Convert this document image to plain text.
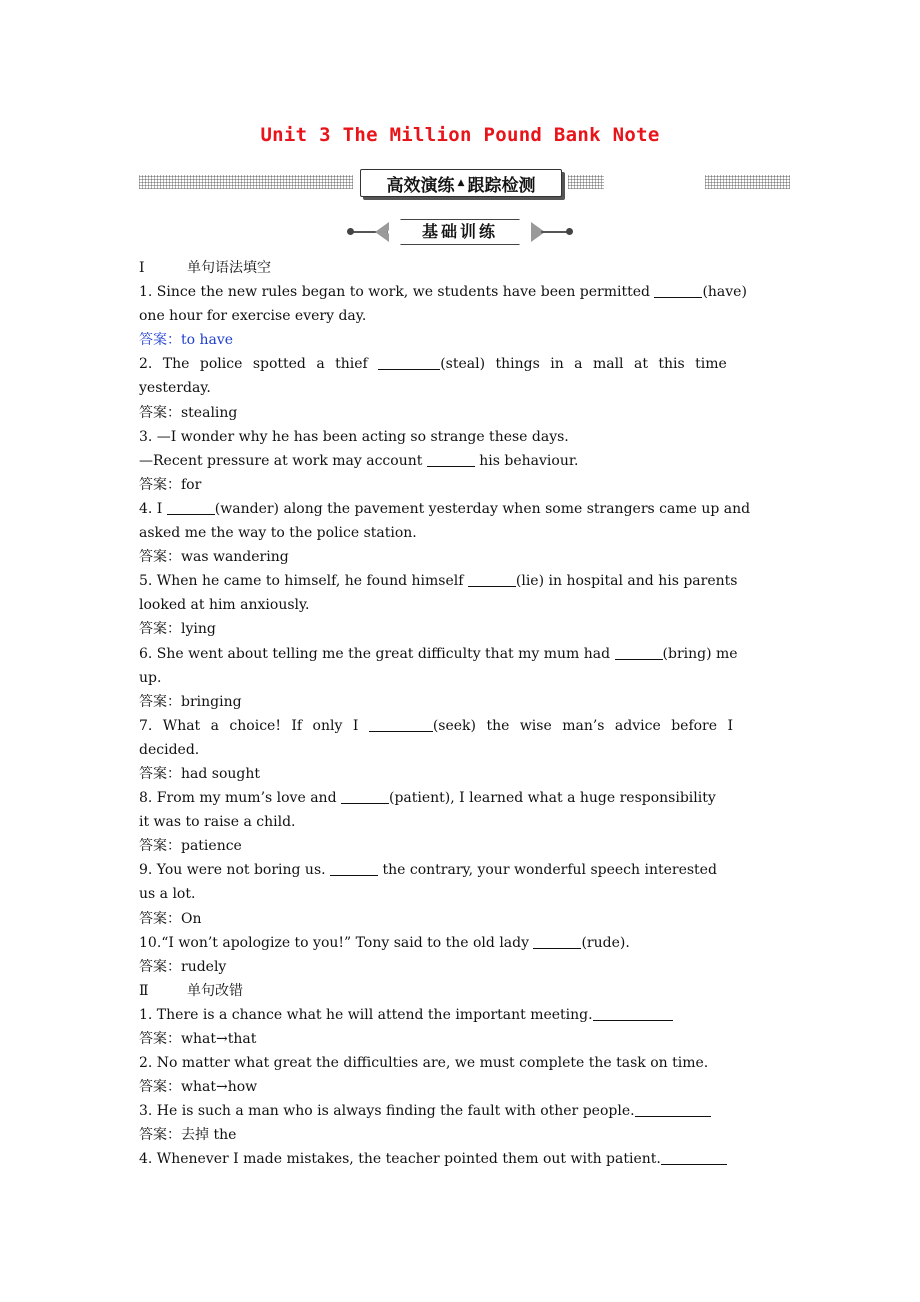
Unit 3 The Million Pound Bank Note
高效演练 ▲ 跟踪检测
基础训练
Ⅰ	单句语法填空
1. Since the new rules began to work, we students have been permitted	(have)
one hour for exercise every day.
答案：to have
2. The police spotted a thief	(steal) things in a mall at this time
yesterday.
答案：stealing
3. —I wonder why he has been acting so strange these days.
—Recent pressure at work may account	his behaviour.
答案：for
4. I	(wander) along the pavement yesterday when some strangers came up and
asked me the way to the police station.
答案：was wandering
5. When he came to himself, he found himself	(lie) in hospital and his parents
looked at him anxiously.
答案：lying
6. She went about telling me the great difficulty that my mum had	(bring) me
up.
答案：bringing
7. What a choice! If only I	(seek) the wise man’s advice before I
decided.
答案：had sought
8. From my mum’s love and	(patient), I learned what a huge responsibility
it was to raise a child.
答案：patience
9. You were not boring us.	the contrary, your wonderful speech interested
us a lot.
答案：On
10.“I won’t apologize to you!” Tony said to the old lady	(rude).
答案：rudely
Ⅱ	单句改错
1. There is a chance what he will attend the important meeting.
答案：what→that
2. No matter what great the difficulties are, we must complete the task on time.
答案：what→how
3. He is such a man who is always finding the fault with other people.
答案：去掉 the
4. Whenever I made mistakes, the teacher pointed them out with patient.
